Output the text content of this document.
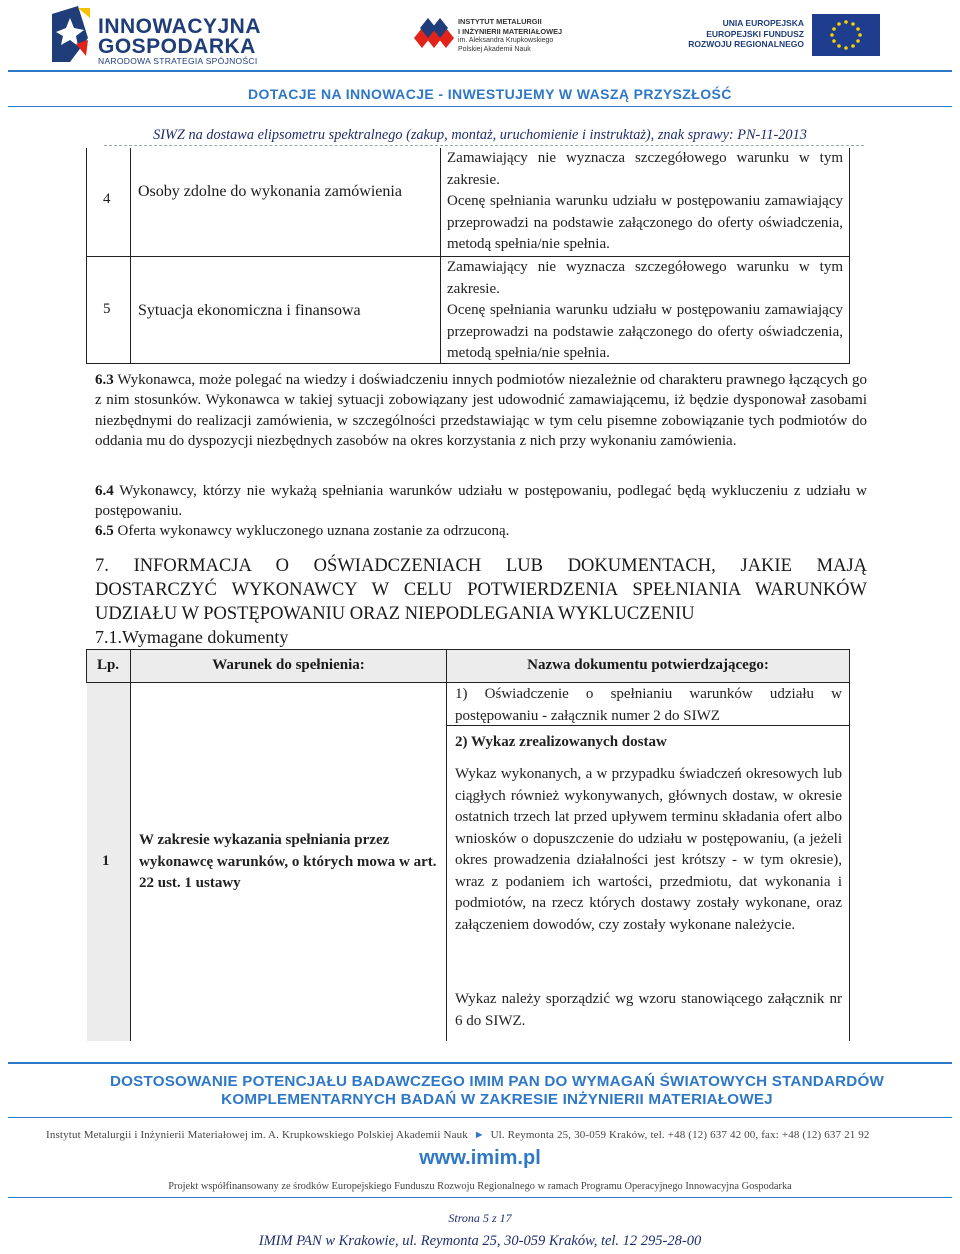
INNOWACYJNA
GOSPODARKA
NARODOWA STRATEGIA SPÓJNOŚCI
INSTYTUT METALURGII
I INŻYNIERII MATERIAŁOWEJ
im. Aleksandra Krupkowskiego
Polskiej Akademii Nauk
UNIA EUROPEJSKA
EUROPEJSKI FUNDUSZ
ROZWOJU REGIONALNEGO
DOTACJE NA INNOWACJE - INWESTUJEMY W WASZĄ PRZYSZŁOŚĆ
SIWZ na dostawa elipsometru spektralnego (zakup, montaż, uruchomienie i instruktaż), znak sprawy: PN-11-2013
4 Osoby zdolne do wykonania zamówienia
Zamawiający nie wyznacza szczegółowego warunku w tym zakresie.
Ocenę spełniania warunku udziału w postępowaniu zamawiający przeprowadzi na podstawie załączonego do oferty oświadczenia, metodą spełnia/nie spełnia.
5 Sytuacja ekonomiczna i finansowa
Zamawiający nie wyznacza szczegółowego warunku w tym zakresie.
Ocenę spełniania warunku udziału w postępowaniu zamawiający przeprowadzi na podstawie załączonego do oferty oświadczenia, metodą spełnia/nie spełnia.
6.3 Wykonawca, może polegać na wiedzy i doświadczeniu innych podmiotów niezależnie od charakteru prawnego łączących go z nim stosunków. Wykonawca w takiej sytuacji zobowiązany jest udowodnić zamawiającemu, iż będzie dysponował zasobami niezbędnymi do realizacji zamówienia, w szczególności przedstawiając w tym celu pisemne zobowiązanie tych podmiotów do oddania mu do dyspozycji niezbędnych zasobów na okres korzystania z nich przy wykonaniu zamówienia.
6.4 Wykonawcy, którzy nie wykażą spełniania warunków udziału w postępowaniu, podlegać będą wykluczeniu z udziału w postępowaniu.
6.5 Oferta wykonawcy wykluczonego uznana zostanie za odrzuconą.
7. INFORMACJA O OŚWIADCZENIACH LUB DOKUMENTACH, JAKIE MAJĄ
DOSTARCZYĆ WYKONAWCY W CELU POTWIERDZENIA SPEŁNIANIA WARUNKÓW
UDZIAŁU W POSTĘPOWANIU ORAZ NIEPODLEGANIA WYKLUCZENIU
7.1.Wymagane dokumenty
Lp.	Warunek do spełnienia:	Nazwa dokumentu potwierdzającego:
1
W zakresie wykazania spełniania przez wykonawcę warunków, o których mowa w art. 22 ust. 1 ustawy
1) Oświadczenie o spełnianiu warunków udziału w postępowaniu - załącznik numer 2 do SIWZ
2) Wykaz zrealizowanych dostaw
Wykaz wykonanych, a w przypadku świadczeń okresowych lub ciągłych również wykonywanych, głównych dostaw, w okresie ostatnich trzech lat przed upływem terminu składania ofert albo wniosków o dopuszczenie do udziału w postępowaniu, (a jeżeli okres prowadzenia działalności jest krótszy - w tym okresie), wraz z podaniem ich wartości, przedmiotu, dat wykonania i podmiotów, na rzecz których dostawy zostały wykonane, oraz załączeniem dowodów, czy zostały wykonane należycie.
Wykaz należy sporządzić wg wzoru stanowiącego załącznik nr 6 do SIWZ.
DOSTOSOWANIE POTENCJAŁU BADAWCZEGO IMIM PAN DO WYMAGAŃ ŚWIATOWYCH STANDARDÓW
KOMPLEMENTARNYCH BADAŃ W ZAKRESIE INŻYNIERII MATERIAŁOWEJ
Instytut Metalurgii i Inżynierii Materiałowej im. A. Krupkowskiego Polskiej Akademii Nauk  ►  Ul. Reymonta 25, 30-059 Kraków, tel. +48 (12) 637 42 00, fax: +48 (12) 637 21 92
www.imim.pl
Projekt współfinansowany ze środków Europejskiego Funduszu Rozwoju Regionalnego w ramach Programu Operacyjnego Innowacyjna Gospodarka
Strona 5 z 17
IMIM PAN w Krakowie, ul. Reymonta 25, 30-059 Kraków, tel. 12 295-28-00
